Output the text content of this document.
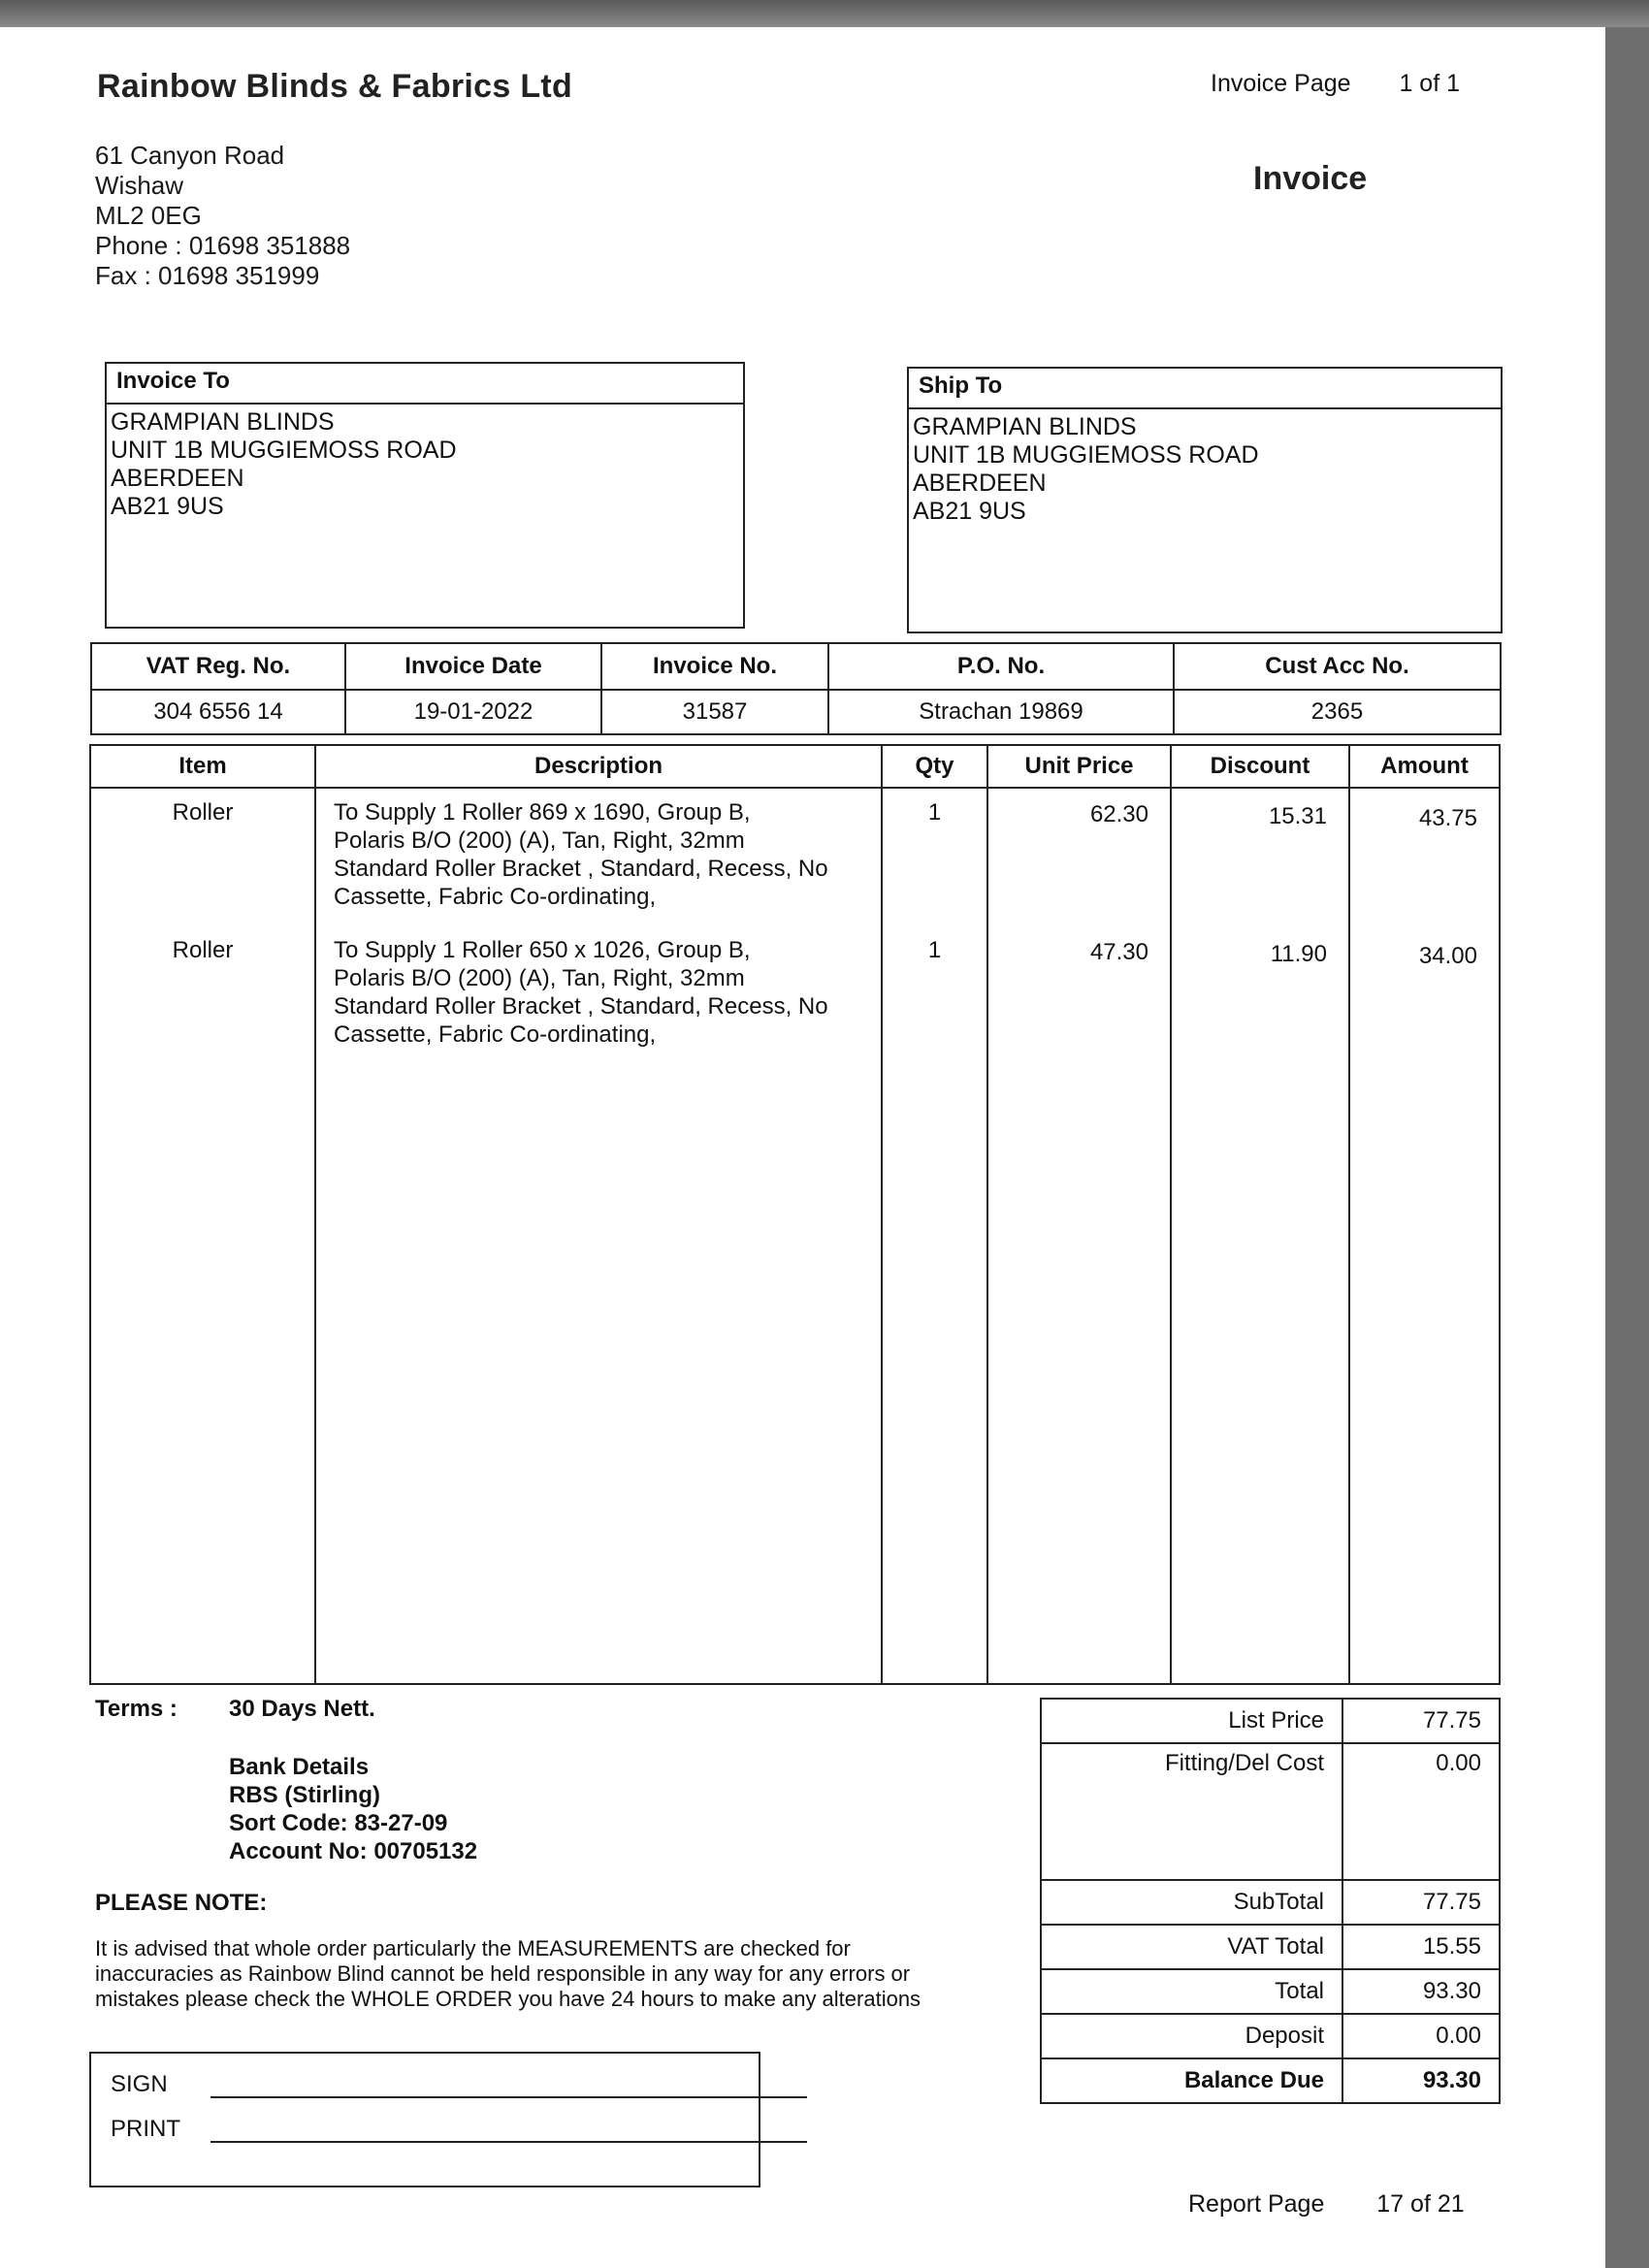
Rainbow Blinds & Fabrics Ltd
61 Canyon Road
Wishaw
ML2 0EG
Phone : 01698 351888
Fax : 01698 351999
Invoice Page 1 of 1
Invoice
Invoice To
GRAMPIAN BLINDS
UNIT 1B MUGGIEMOSS ROAD
ABERDEEN
AB21 9US
Ship To
GRAMPIAN BLINDS
UNIT 1B MUGGIEMOSS ROAD
ABERDEEN
AB21 9US
VAT Reg. No.	Invoice Date	Invoice No.	P.O. No.	Cust Acc No.
304 6556 14	19-01-2022	31587	Strachan 19869	2365
Item	Description	Qty	Unit Price	Discount	Amount
Roller	To Supply 1 Roller 869 x 1690, Group B,
Polaris B/O (200) (A), Tan, Right, 32mm
Standard Roller Bracket , Standard, Recess, No
Cassette, Fabric Co-ordinating,	1	62.30	15.31	43.75
Roller	To Supply 1 Roller 650 x 1026, Group B,
Polaris B/O (200) (A), Tan, Right, 32mm
Standard Roller Bracket , Standard, Recess, No
Cassette, Fabric Co-ordinating,	1	47.30	11.90	34.00

Terms : 30 Days Nett.
Bank Details
RBS (Stirling)
Sort Code: 83-27-09
Account No: 00705132
PLEASE NOTE:
It is advised that whole order particularly the MEASUREMENTS are checked for
inaccuracies as Rainbow Blind cannot be held responsible in any way for any errors or
mistakes please check the WHOLE ORDER you have 24 hours to make any alterations
SIGN
PRINT
List Price	77.75
Fitting/Del Cost	0.00
SubTotal	77.75
VAT Total	15.55
Total	93.30
Deposit	0.00
Balance Due	93.30
Report Page 17 of 21
